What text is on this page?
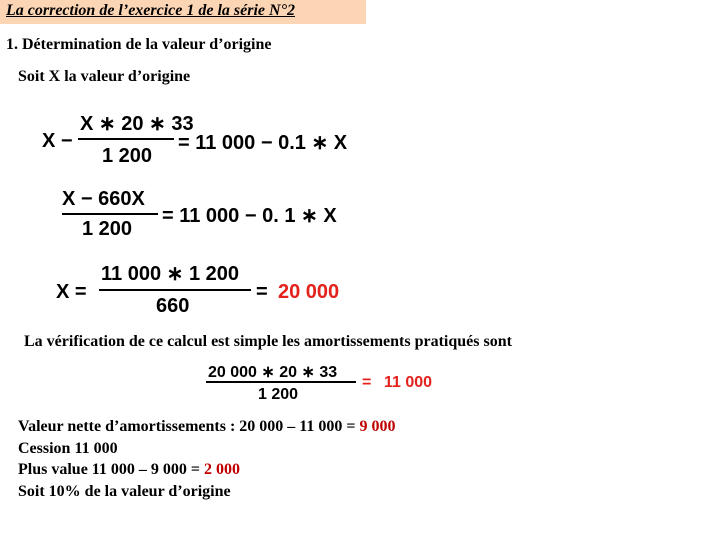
La correction de l’exercice 1 de la série N°2
1. Détermination de la valeur d’origine
Soit X la valeur d’origine
X −
X ∗ 20 ∗ 33
1 200
= 11 000 − 0.1 ∗ X
X − 660X
1 200
= 11 000 − 0. 1 ∗ X
X =
11 000 ∗ 1 200
660
= 20 000
La vérification de ce calcul est simple les amortissements pratiqués sont
20 000 ∗ 20 ∗ 33
1 200
= 11 000
Valeur nette d’amortissements : 20 000 – 11 000 = 9 000
Cession 11 000
Plus value 11 000 – 9 000 = 2 000
Soit 10% de la valeur d’origine
